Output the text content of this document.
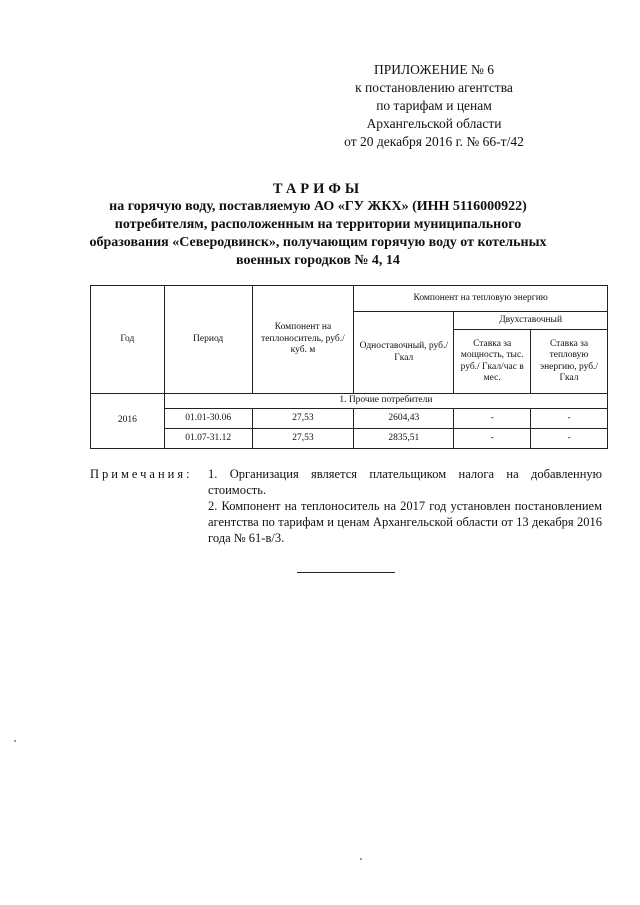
ПРИЛОЖЕНИЕ № 6
к постановлению агентства
по тарифам и ценам
Архангельской области
от 20 декабря 2016 г. № 66-т/42
ТАРИФЫ
на горячую воду, поставляемую АО «ГУ ЖКХ» (ИНН 5116000922)
потребителям, расположенным на территории муниципального
образования «Северодвинск», получающим горячую воду от котельных
военных городков № 4, 14
Год	Период	Компонент на теплоноситель, руб./куб. м	Компонент на тепловую энергию		
			Одноставочный, руб./Гкал	Двухставочный	
				Ставка за мощность, тыс. руб./ Гкал/час в мес.	Ставка за тепловую энергию, руб./Гкал
2016	1. Прочие потребители				
	01.01-30.06	27,53	2604,43	-	-
	01.07-31.12	27,53	2835,51	-	-
Примечания: 1. Организация является плательщиком налога на добавленную стоимость.
2. Компонент на теплоноситель на 2017 год установлен постановлением агентства по тарифам и ценам Архангельской области от 13 декабря 2016 года № 61-в/3.
